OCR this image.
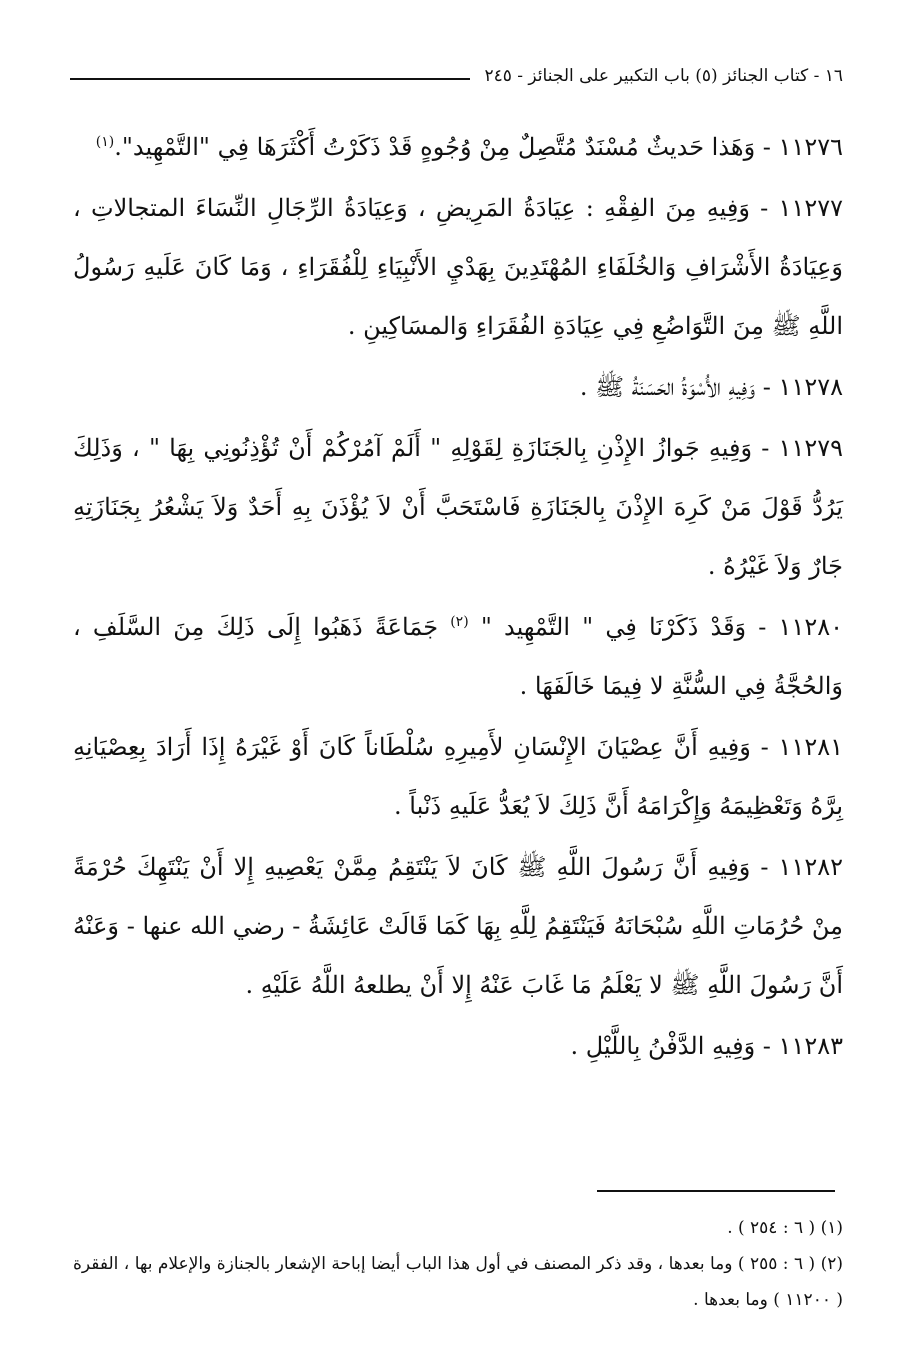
١٦ - كتاب الجنائز (٥) باب التكبير على الجنائز - ٢٤٥

١١٢٧٦ - وَهَذا حَديثٌ مُسْنَدٌ مُتَّصِلٌ مِنْ وُجُوهٍ قَدْ ذَكَرْتُ أَكْثَرَهَا فِي "التَّمْهِيد".$^{(١)}$

١١٢٧٧ - وَفِيهِ مِنَ الفِقْهِ : عِيَادَةُ المَرِيضِ ، وَعِيَادَةُ الرِّجَالِ النِّسَاءَ المتجالاتِ ، وَعِيَادَةُ الأَشْرَافِ وَالخُلَفَاءِ المُهْتَدِينَ بِهَدْيِ الأَنْبِيَاءِ لِلْفُقَرَاءِ ، وَمَا كَانَ عَلَيهِ رَسُولُ اللَّهِ ﷺ مِنَ التَّوَاضُعِ فِي عِيَادَةِ الفُقَرَاءِ وَالمسَاكِينِ .

١١٢٧٨ - وَفِيهِ الأُسْوَةُ الحَسَنَةُ ﷺ .

١١٢٧٩ - وَفِيهِ جَوازُ الإِذْنِ بِالجَنَازَةِ لِقَوْلِهِ " أَلَمْ آمُرْكُمْ أَنْ تُؤْذِنُونِي بِهَا " ، وَذَلِكَ يَرُدُّ قَوْلَ مَنْ كَرِهَ الإِذْنَ بِالجَنَازَةِ فَاسْتَحَبَّ أَنْ لاَ يُؤْذَنَ بِهِ أَحَدٌ وَلاَ يَشْعُرُ بِجَنَازَتِهِ جَارٌ وَلاَ غَيْرُهُ .

١١٢٨٠ - وَقَدْ ذَكَرْنَا فِي " التَّمْهِيد " $^{(٢)}$ جَمَاعَةً ذَهَبُوا إِلَى ذَلِكَ مِنَ السَّلَفِ ، وَالحُجَّةُ فِي السُّنَّةِ لا فِيمَا خَالَفَهَا .

١١٢٨١ - وَفِيهِ أَنَّ عِصْيَانَ الإِنْسَانِ لأَمِيرِهِ سُلْطَاناً كَانَ أَوْ غَيْرَهُ إِذَا أَرَادَ بِعِصْيَانِهِ بِرَّهُ وَتَعْظِيمَهُ وَإِكْرَامَهُ أَنَّ ذَلِكَ لاَ يُعَدُّ عَلَيهِ ذَنْباً .

١١٢٨٢ - وَفِيهِ أَنَّ رَسُولَ اللَّهِ ﷺ كَانَ لاَ يَنْتَقِمُ مِمَّنْ يَعْصِيهِ إِلا أَنْ يَنْتَهِكَ حُرْمَةً مِنْ حُرُمَاتِ اللَّهِ سُبْحَانَهُ فَيَنْتَقِمُ لِلَّهِ بِهَا كَمَا قَالَتْ عَائِشَةُ - رضي الله عنها - وَعَنْهُ أَنَّ رَسُولَ اللَّهِ ﷺ لا يَعْلَمُ مَا غَابَ عَنْهُ إِلا أَنْ يطلعهُ اللَّهُ عَلَيْهِ .

١١٢٨٣ - وَفِيهِ الدَّفْنُ بِاللَّيْلِ .

(١) ( ٦ : ٢٥٤ ) .

(٢) ( ٦ : ٢٥٥ ) وما بعدها ، وقد ذكر المصنف في أول هذا الباب أيضا إباحة الإشعار بالجنازة والإعلام بها ، الفقرة ( ١١٢٠٠ ) وما بعدها .
